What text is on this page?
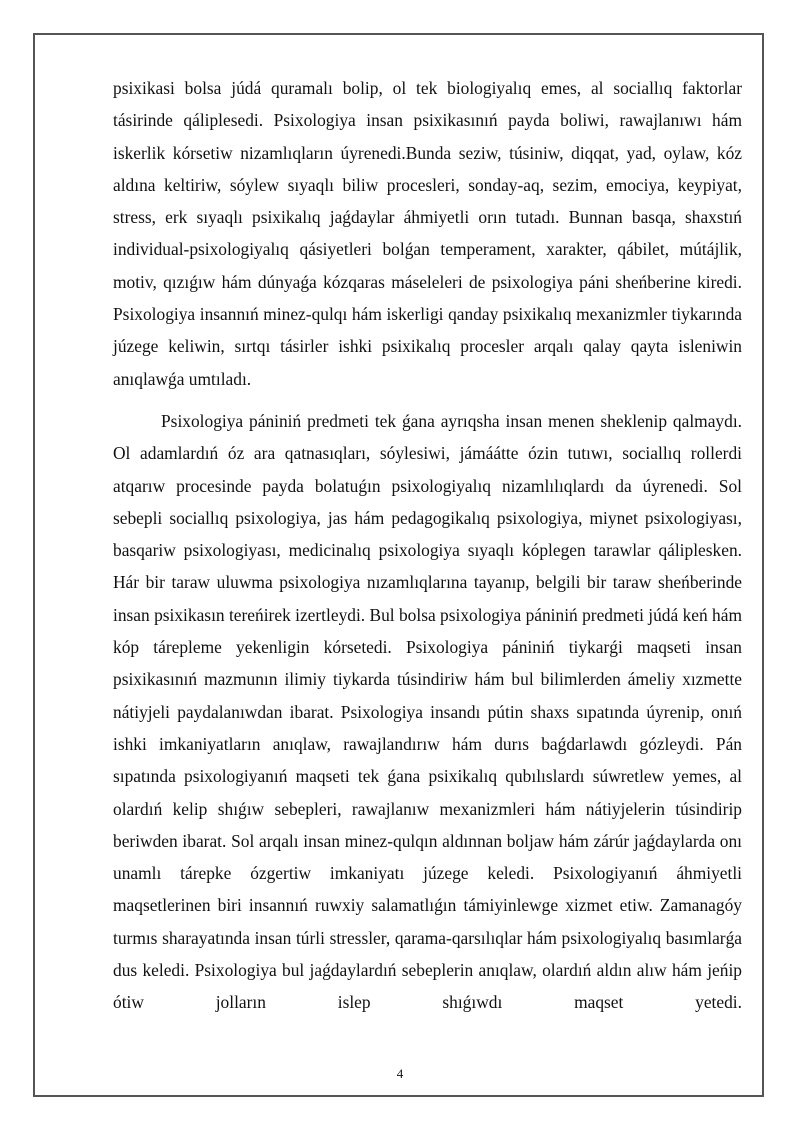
psixikasi bolsa júdá quramalı bolip, ol tek biologiyalıq emes, al sociallıq faktorlar tásirinde qáliplesedi. Psixologiya insan psixikasınıń payda boliwi, rawajlanıwı hám iskerlik kórsetiw nizamlıqların úyrenedi.Bunda seziw, túsiniw, diqqat, yad, oylaw, kóz aldına keltiriw, sóylew sıyaqlı biliw procesleri, sonday-aq, sezim, emociya, keypiyat, stress, erk sıyaqlı psixikalıq jaǵdaylar áhmiyetli orın tutadı. Bunnan basqa, shaxstıń individual-psixologiyalıq qásiyetleri bolǵan temperament, xarakter, qábilet, mútájlik, motiv, qızıǵıw hám dúnyaǵa kózqaras máseleleri de psixologiya páni sheńberine kiredi. Psixologiya insannıń minez-qulqı hám iskerligi qanday psixikalıq mexanizmler tiykarında júzege keliwin, sırtqı tásirler ishki psixikalıq procesler arqalı qalay qayta isleniwin anıqlawǵa umtıladı.

Psixologiya pániniń predmeti tek ǵana ayrıqsha insan menen sheklenip qalmaydı. Ol adamlardıń óz ara qatnasıqları, sóylesiwi, jámáátte ózin tutıwı, sociallıq rollerdi atqarıw procesinde payda bolatuǵın psixologiyalıq nizamlılıqlardı da úyrenedi. Sol sebepli sociallıq psixologiya, jas hám pedagogikalıq psixologiya, miynet psixologiyası, basqariw psixologiyası, medicinalıq psixologiya sıyaqlı kóplegen tarawlar qáliplesken. Hár bir taraw uluwma psixologiya nızamlıqlarına tayanıp, belgili bir taraw sheńberinde insan psixikasın tereńirek izertleydi. Bul bolsa psixologiya pániniń predmeti júdá keń hám kóp tárepleme yekenligin kórsetedi. Psixologiya pániniń tiykarǵi maqseti insan psixikasınıń mazmunın ilimiy tiykarda túsindiriw hám bul bilimlerden ámeliy xızmette nátiyjeli paydalanıwdan ibarat. Psixologiya insandı pútin shaxs sıpatında úyrenip, onıń ishki imkaniyatların anıqlaw, rawajlandırıw hám durıs baǵdarlawdı gózleydi. Pán sıpatında psixologiyanıń maqseti tek ǵana psixikalıq qubılıslardı súwretlew yemes, al olardıń kelip shıǵıw sebepleri, rawajlanıw mexanizmleri hám nátiyjelerin túsindirip beriwden ibarat. Sol arqalı insan minez-qulqın aldınnan boljaw hám zárúr jaǵdaylarda onı unamlı tárepke ózgertiw imkaniyatı júzege keledi. Psixologiyanıń áhmiyetli maqsetlerinen biri insannıń ruwxiy salamatlıǵın támiyinlewge xizmet etiw. Zamanagóy turmıs sharayatında insan túrli stressler, qarama-qarsılıqlar hám psixologiyalıq basımlarǵa dus keledi. Psixologiya bul jaǵdaylardıń sebeplerin anıqlaw, olardıń aldın alıw hám jeńip ótiw jolların islep shıǵıwdı maqset yetedi.

4
